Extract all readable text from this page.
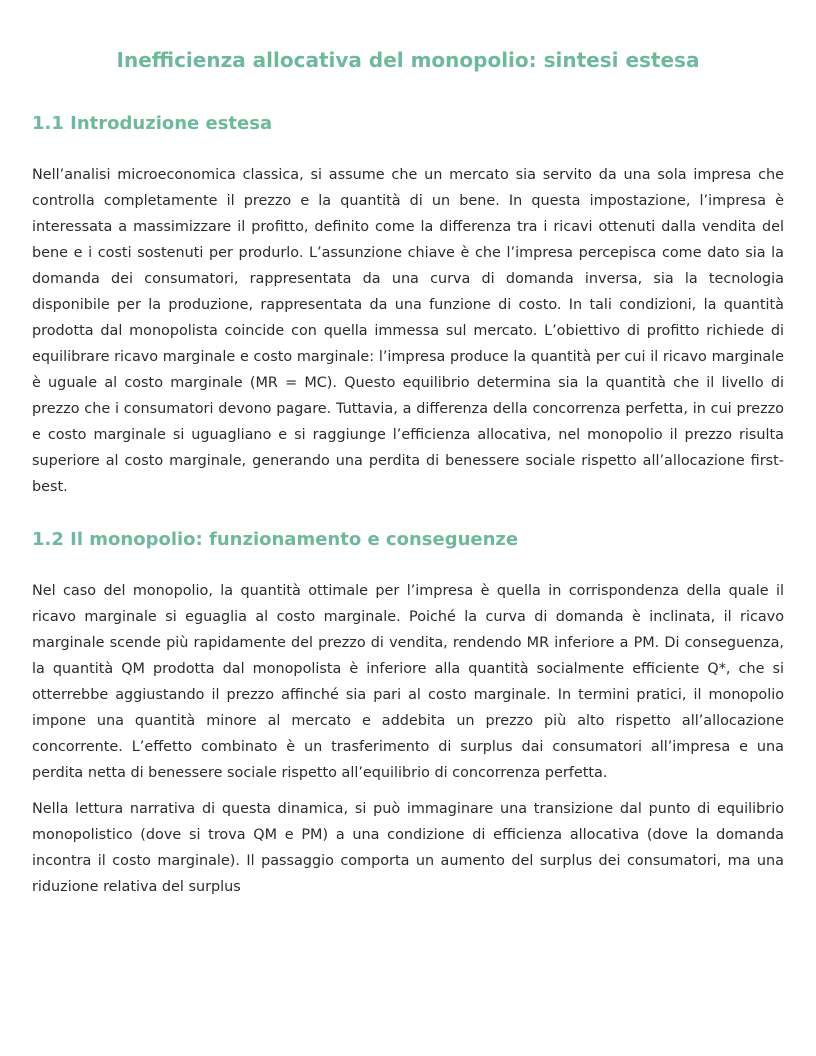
Inefficienza allocativa del monopolio: sintesi estesa
1.1 Introduzione estesa

Nell’analisi microeconomica classica, si assume che un mercato sia servito da una sola impresa che controlla completamente il prezzo e la quantità di un bene. In questa impostazione, l’impresa è interessata a massimizzare il profitto, definito come la differenza tra i ricavi ottenuti dalla vendita del bene e i costi sostenuti per produrlo. L’assunzione chiave è che l’impresa percepisca come dato sia la domanda dei consumatori, rappresentata da una curva di domanda inversa, sia la tecnologia disponibile per la produzione, rappresentata da una funzione di costo. In tali condizioni, la quantità prodotta dal monopolista coincide con quella immessa sul mercato. L’obiettivo di profitto richiede di equilibrare ricavo marginale e costo marginale: l’impresa produce la quantità per cui il ricavo marginale è uguale al costo marginale (MR = MC). Questo equilibrio determina sia la quantità che il livello di prezzo che i consumatori devono pagare. Tuttavia, a differenza della concorrenza perfetta, in cui prezzo e costo marginale si uguagliano e si raggiunge l’efficienza allocativa, nel monopolio il prezzo risulta superiore al costo marginale, generando una perdita di benessere sociale rispetto all’allocazione first-best.

1.2 Il monopolio: funzionamento e conseguenze

Nel caso del monopolio, la quantità ottimale per l’impresa è quella in corrispondenza della quale il ricavo marginale si eguaglia al costo marginale. Poiché la curva di domanda è inclinata, il ricavo marginale scende più rapidamente del prezzo di vendita, rendendo MR inferiore a PM. Di conseguenza, la quantità QM prodotta dal monopolista è inferiore alla quantità socialmente efficiente Q*, che si otterrebbe aggiustando il prezzo affinché sia pari al costo marginale. In termini pratici, il monopolio impone una quantità minore al mercato e addebita un prezzo più alto rispetto all’allocazione concorrente. L’effetto combinato è un trasferimento di surplus dai consumatori all’impresa e una perdita netta di benessere sociale rispetto all’equilibrio di concorrenza perfetta.

Nella lettura narrativa di questa dinamica, si può immaginare una transizione dal punto di equilibrio monopolistico (dove si trova QM e PM) a una condizione di efficienza allocativa (dove la domanda incontra il costo marginale). Il passaggio comporta un aumento del surplus dei consumatori, ma una riduzione relativa del surplus
